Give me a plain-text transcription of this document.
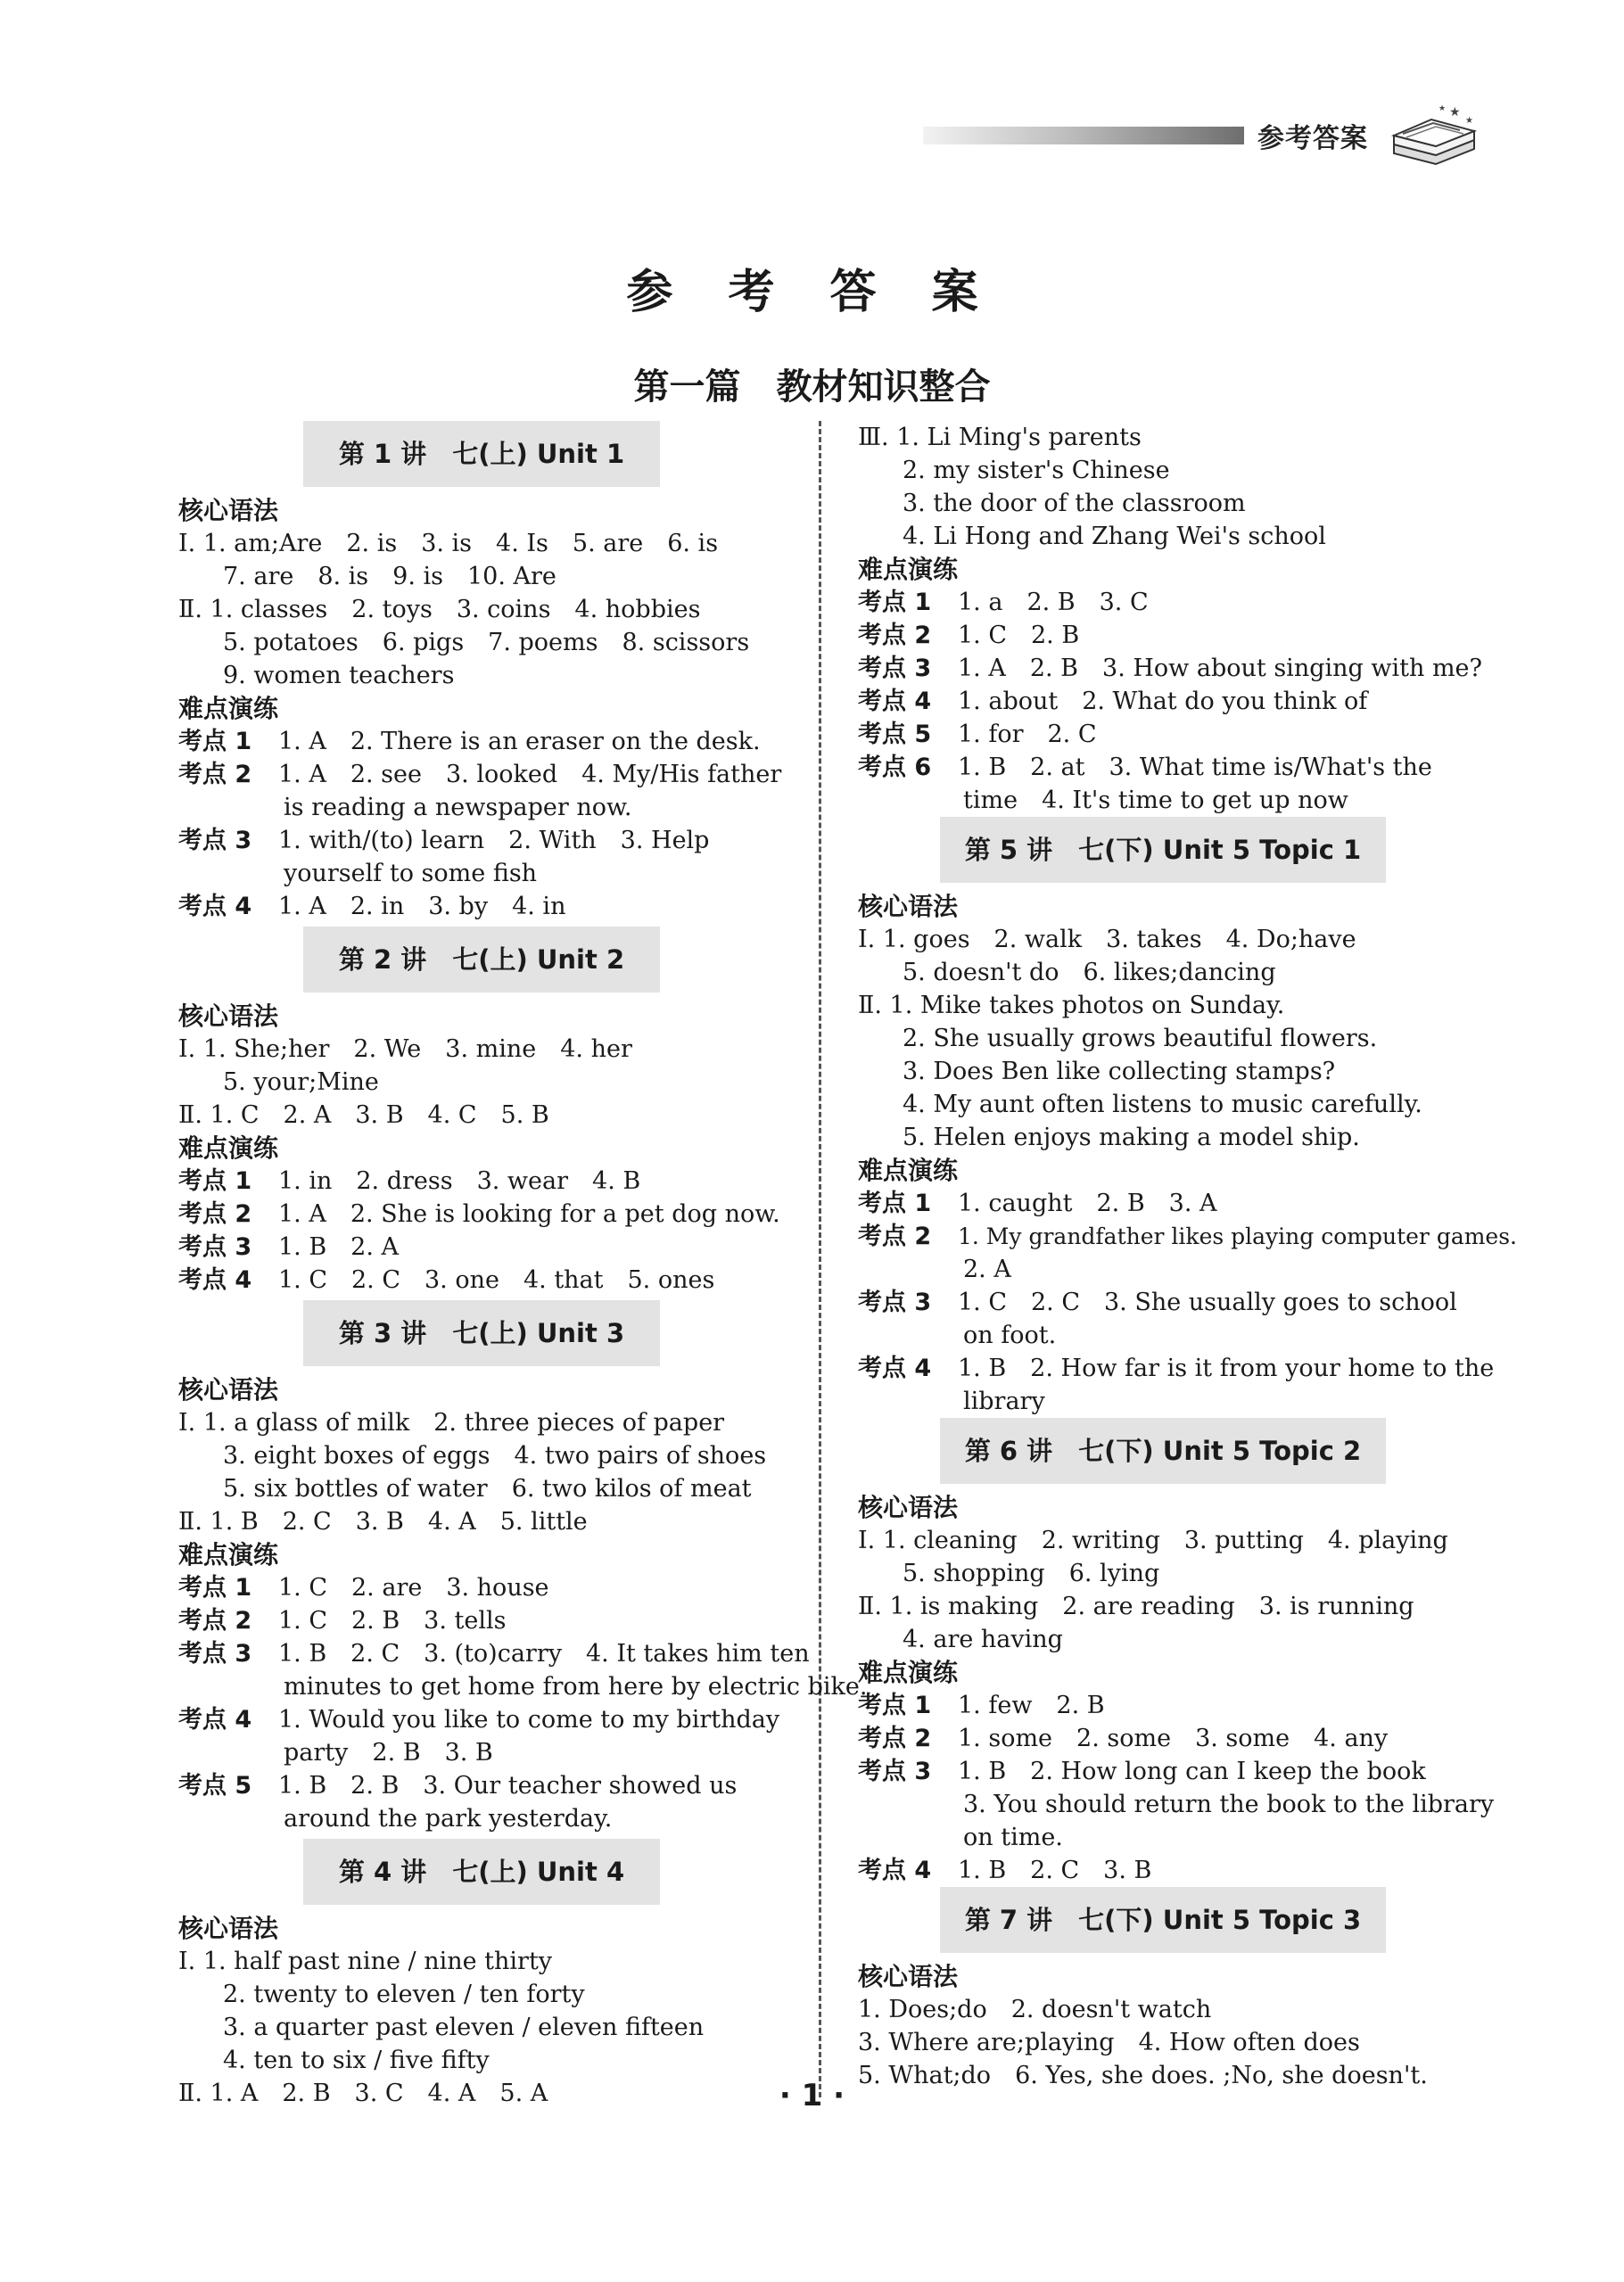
参考答案
★
★
★
参 考 答 案
第一篇　教材知识整合
第 1 讲　七(上) Unit 1
核心语法
Ⅰ. 1. am;Are　2. is　3. is　4. Is　5. are　6. is
7. are　8. is　9. is　10. Are
Ⅱ. 1. classes　2. toys　3. coins　4. hobbies
5. potatoes　6. pigs　7. poems　8. scissors
9. women teachers
难点演练
考点 1 1. A　2. There is an eraser on the desk.
考点 2 1. A　2. see　3. looked　4. My/His father
is reading a newspaper now.
考点 3 1. with/(to) learn　2. With　3. Help
yourself to some fish
考点 4 1. A　2. in　3. by　4. in
第 2 讲　七(上) Unit 2
核心语法
Ⅰ. 1. She;her　2. We　3. mine　4. her
5. your;Mine
Ⅱ. 1. C　2. A　3. B　4. C　5. B
难点演练
考点 1 1. in　2. dress　3. wear　4. B
考点 2 1. A　2. She is looking for a pet dog now.
考点 3 1. B　2. A
考点 4 1. C　2. C　3. one　4. that　5. ones
第 3 讲　七(上) Unit 3
核心语法
Ⅰ. 1. a glass of milk　2. three pieces of paper
3. eight boxes of eggs　4. two pairs of shoes
5. six bottles of water　6. two kilos of meat
Ⅱ. 1. B　2. C　3. B　4. A　5. little
难点演练
考点 1 1. C　2. are　3. house
考点 2 1. C　2. B　3. tells
考点 3 1. B　2. C　3. (to)carry　4. It takes him ten
minutes to get home from here by electric bike.
考点 4 1. Would you like to come to my birthday
party　2. B　3. B
考点 5 1. B　2. B　3. Our teacher showed us
around the park yesterday.
第 4 讲　七(上) Unit 4
核心语法
Ⅰ. 1. half past nine / nine thirty
2. twenty to eleven / ten forty
3. a quarter past eleven / eleven fifteen
4. ten to six / five fifty
Ⅱ. 1. A　2. B　3. C　4. A　5. A
Ⅲ. 1. Li Ming's parents
2. my sister's Chinese
3. the door of the classroom
4. Li Hong and Zhang Wei's school
难点演练
考点 1 1. a　2. B　3. C
考点 2 1. C　2. B
考点 3 1. A　2. B　3. How about singing with me?
考点 4 1. about　2. What do you think of
考点 5 1. for　2. C
考点 6 1. B　2. at　3. What time is/What's the
time　4. It's time to get up now
第 5 讲　七(下) Unit 5 Topic 1
核心语法
Ⅰ. 1. goes　2. walk　3. takes　4. Do;have
5. doesn't do　6. likes;dancing
Ⅱ. 1. Mike takes photos on Sunday.
2. She usually grows beautiful flowers.
3. Does Ben like collecting stamps?
4. My aunt often listens to music carefully.
5. Helen enjoys making a model ship.
难点演练
考点 1 1. caught　2. B　3. A
考点 2 1. My grandfather likes playing computer games.
2. A
考点 3 1. C　2. C　3. She usually goes to school
on foot.
考点 4 1. B　2. How far is it from your home to the
library
第 6 讲　七(下) Unit 5 Topic 2
核心语法
Ⅰ. 1. cleaning　2. writing　3. putting　4. playing
5. shopping　6. lying
Ⅱ. 1. is making　2. are reading　3. is running
4. are having
难点演练
考点 1 1. few　2. B
考点 2 1. some　2. some　3. some　4. any
考点 3 1. B　2. How long can I keep the book
3. You should return the book to the library
on time.
考点 4 1. B　2. C　3. B
第 7 讲　七(下) Unit 5 Topic 3
核心语法
1. Does;do　2. doesn't watch
3. Where are;playing　4. How often does
5. What;do　6. Yes, she does. ;No, she doesn't.
· 1 ·
